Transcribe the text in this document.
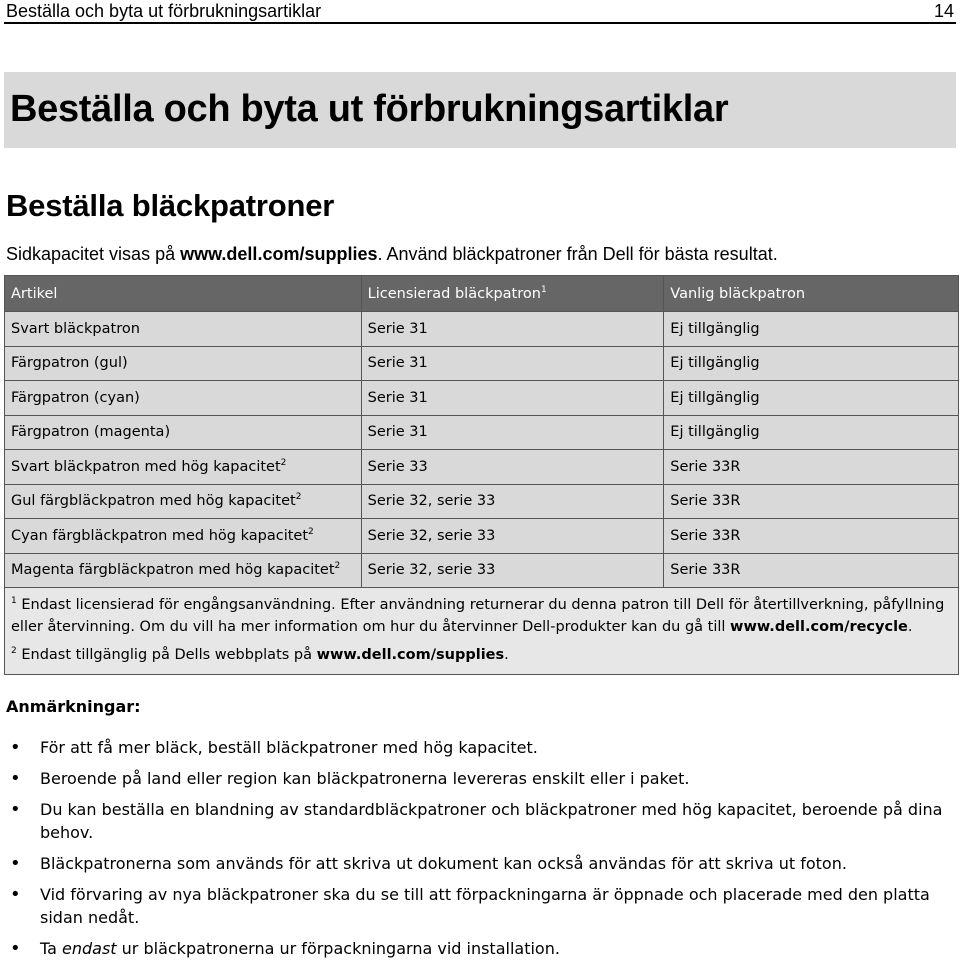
Beställa och byta ut förbrukningsartiklar	14
Beställa och byta ut förbrukningsartiklar
Beställa bläckpatroner

Sidkapacitet visas på www.dell.com/supplies. Använd bläckpatroner från Dell för bästa resultat.

Artikel	Licensierad bläckpatron$^1$	Vanlig bläckpatron
Svart bläckpatron	Serie 31	Ej tillgänglig
Färgpatron (gul)	Serie 31	Ej tillgänglig
Färgpatron (cyan)	Serie 31	Ej tillgänglig
Färgpatron (magenta)	Serie 31	Ej tillgänglig
Svart bläckpatron med hög kapacitet$^2$	Serie 33	Serie 33R
Gul färgbläckpatron med hög kapacitet$^2$	Serie 32, serie 33	Serie 33R
Cyan färgbläckpatron med hög kapacitet$^2$	Serie 32, serie 33	Serie 33R
Magenta färgbläckpatron med hög kapacitet$^2$	Serie 32, serie 33	Serie 33R

$^1$ Endast licensierad för engångsanvändning. Efter användning returnerar du denna patron till Dell för återtillverkning, påfyllning eller återvinning. Om du vill ha mer information om hur du återvinner Dell-produkter kan du gå till www.dell.com/recycle.

$^2$ Endast tillgänglig på Dells webbplats på www.dell.com/supplies.		

Anmärkningar:
• För att få mer bläck, beställ bläckpatroner med hög kapacitet.
• Beroende på land eller region kan bläckpatronerna levereras enskilt eller i paket.
• Du kan beställa en blandning av standardbläckpatroner och bläckpatroner med hög kapacitet, beroende på dina behov.
• Bläckpatronerna som används för att skriva ut dokument kan också användas för att skriva ut foton.
• Vid förvaring av nya bläckpatroner ska du se till att förpackningarna är öppnade och placerade med den platta sidan nedåt.
• Ta endast ur bläckpatronerna ur förpackningarna vid installation.
